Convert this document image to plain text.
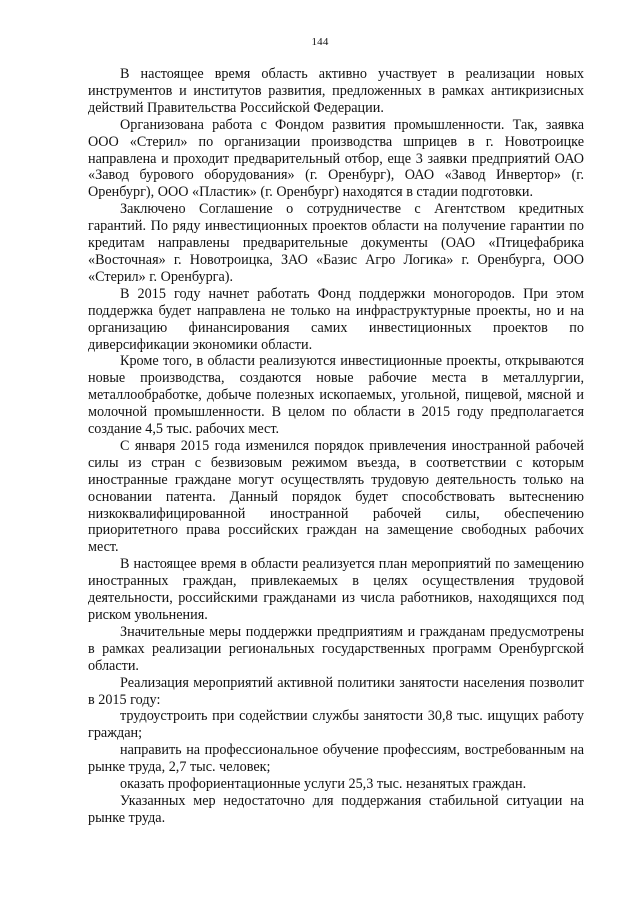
144

В настоящее время область активно участвует в реализации новых инструментов и институтов развития, предложенных в рамках антикризисных действий Правительства Российской Федерации.

Организована работа с Фондом развития промышленности. Так, заявка ООО «Стерил» по организации производства шприцев в г. Новотроицке направлена и проходит предварительный отбор, еще 3 заявки предприятий ОАО «Завод бурового оборудования» (г. Оренбург), ОАО «Завод Инвертор» (г. Оренбург), ООО «Пластик» (г. Оренбург) находятся в стадии подготовки.

Заключено Соглашение о сотрудничестве с Агентством кредитных гарантий. По ряду инвестиционных проектов области на получение гарантии по кредитам направлены предварительные документы (ОАО «Птицефабрика «Восточная» г. Новотроицка, ЗАО «Базис Агро Логика» г. Оренбурга, ООО «Стерил» г. Оренбурга).

В 2015 году начнет работать Фонд поддержки моногородов. При этом поддержка будет направлена не только на инфраструктурные проекты, но и на организацию финансирования самих инвестиционных проектов по диверсификации экономики области.

Кроме того, в области реализуются инвестиционные проекты, открываются новые производства, создаются новые рабочие места в металлургии, металлообработке, добыче полезных ископаемых, угольной, пищевой, мясной и молочной промышленности. В целом по области в 2015 году предполагается создание 4,5 тыс. рабочих мест.

С января 2015 года изменился порядок привлечения иностранной рабочей силы из стран с безвизовым режимом въезда, в соответствии с которым иностранные граждане могут осуществлять трудовую деятельность только на основании патента. Данный порядок будет способствовать вытеснению низкоквалифицированной иностранной рабочей силы, обеспечению приоритетного права российских граждан на замещение свободных рабочих мест.

В настоящее время в области реализуется план мероприятий по замещению иностранных граждан, привлекаемых в целях осуществления трудовой деятельности, российскими гражданами из числа работников, находящихся под риском увольнения.

Значительные меры поддержки предприятиям и гражданам предусмотрены в рамках реализации региональных государственных программ Оренбургской области.

Реализация мероприятий активной политики занятости населения позволит в 2015 году:

трудоустроить при содействии службы занятости 30,8 тыс. ищущих работу граждан;

направить на профессиональное обучение профессиям, востребованным на рынке труда, 2,7 тыс. человек;

оказать профориентационные услуги 25,3 тыс. незанятых граждан.

Указанных мер недостаточно для поддержания стабильной ситуации на рынке труда.
